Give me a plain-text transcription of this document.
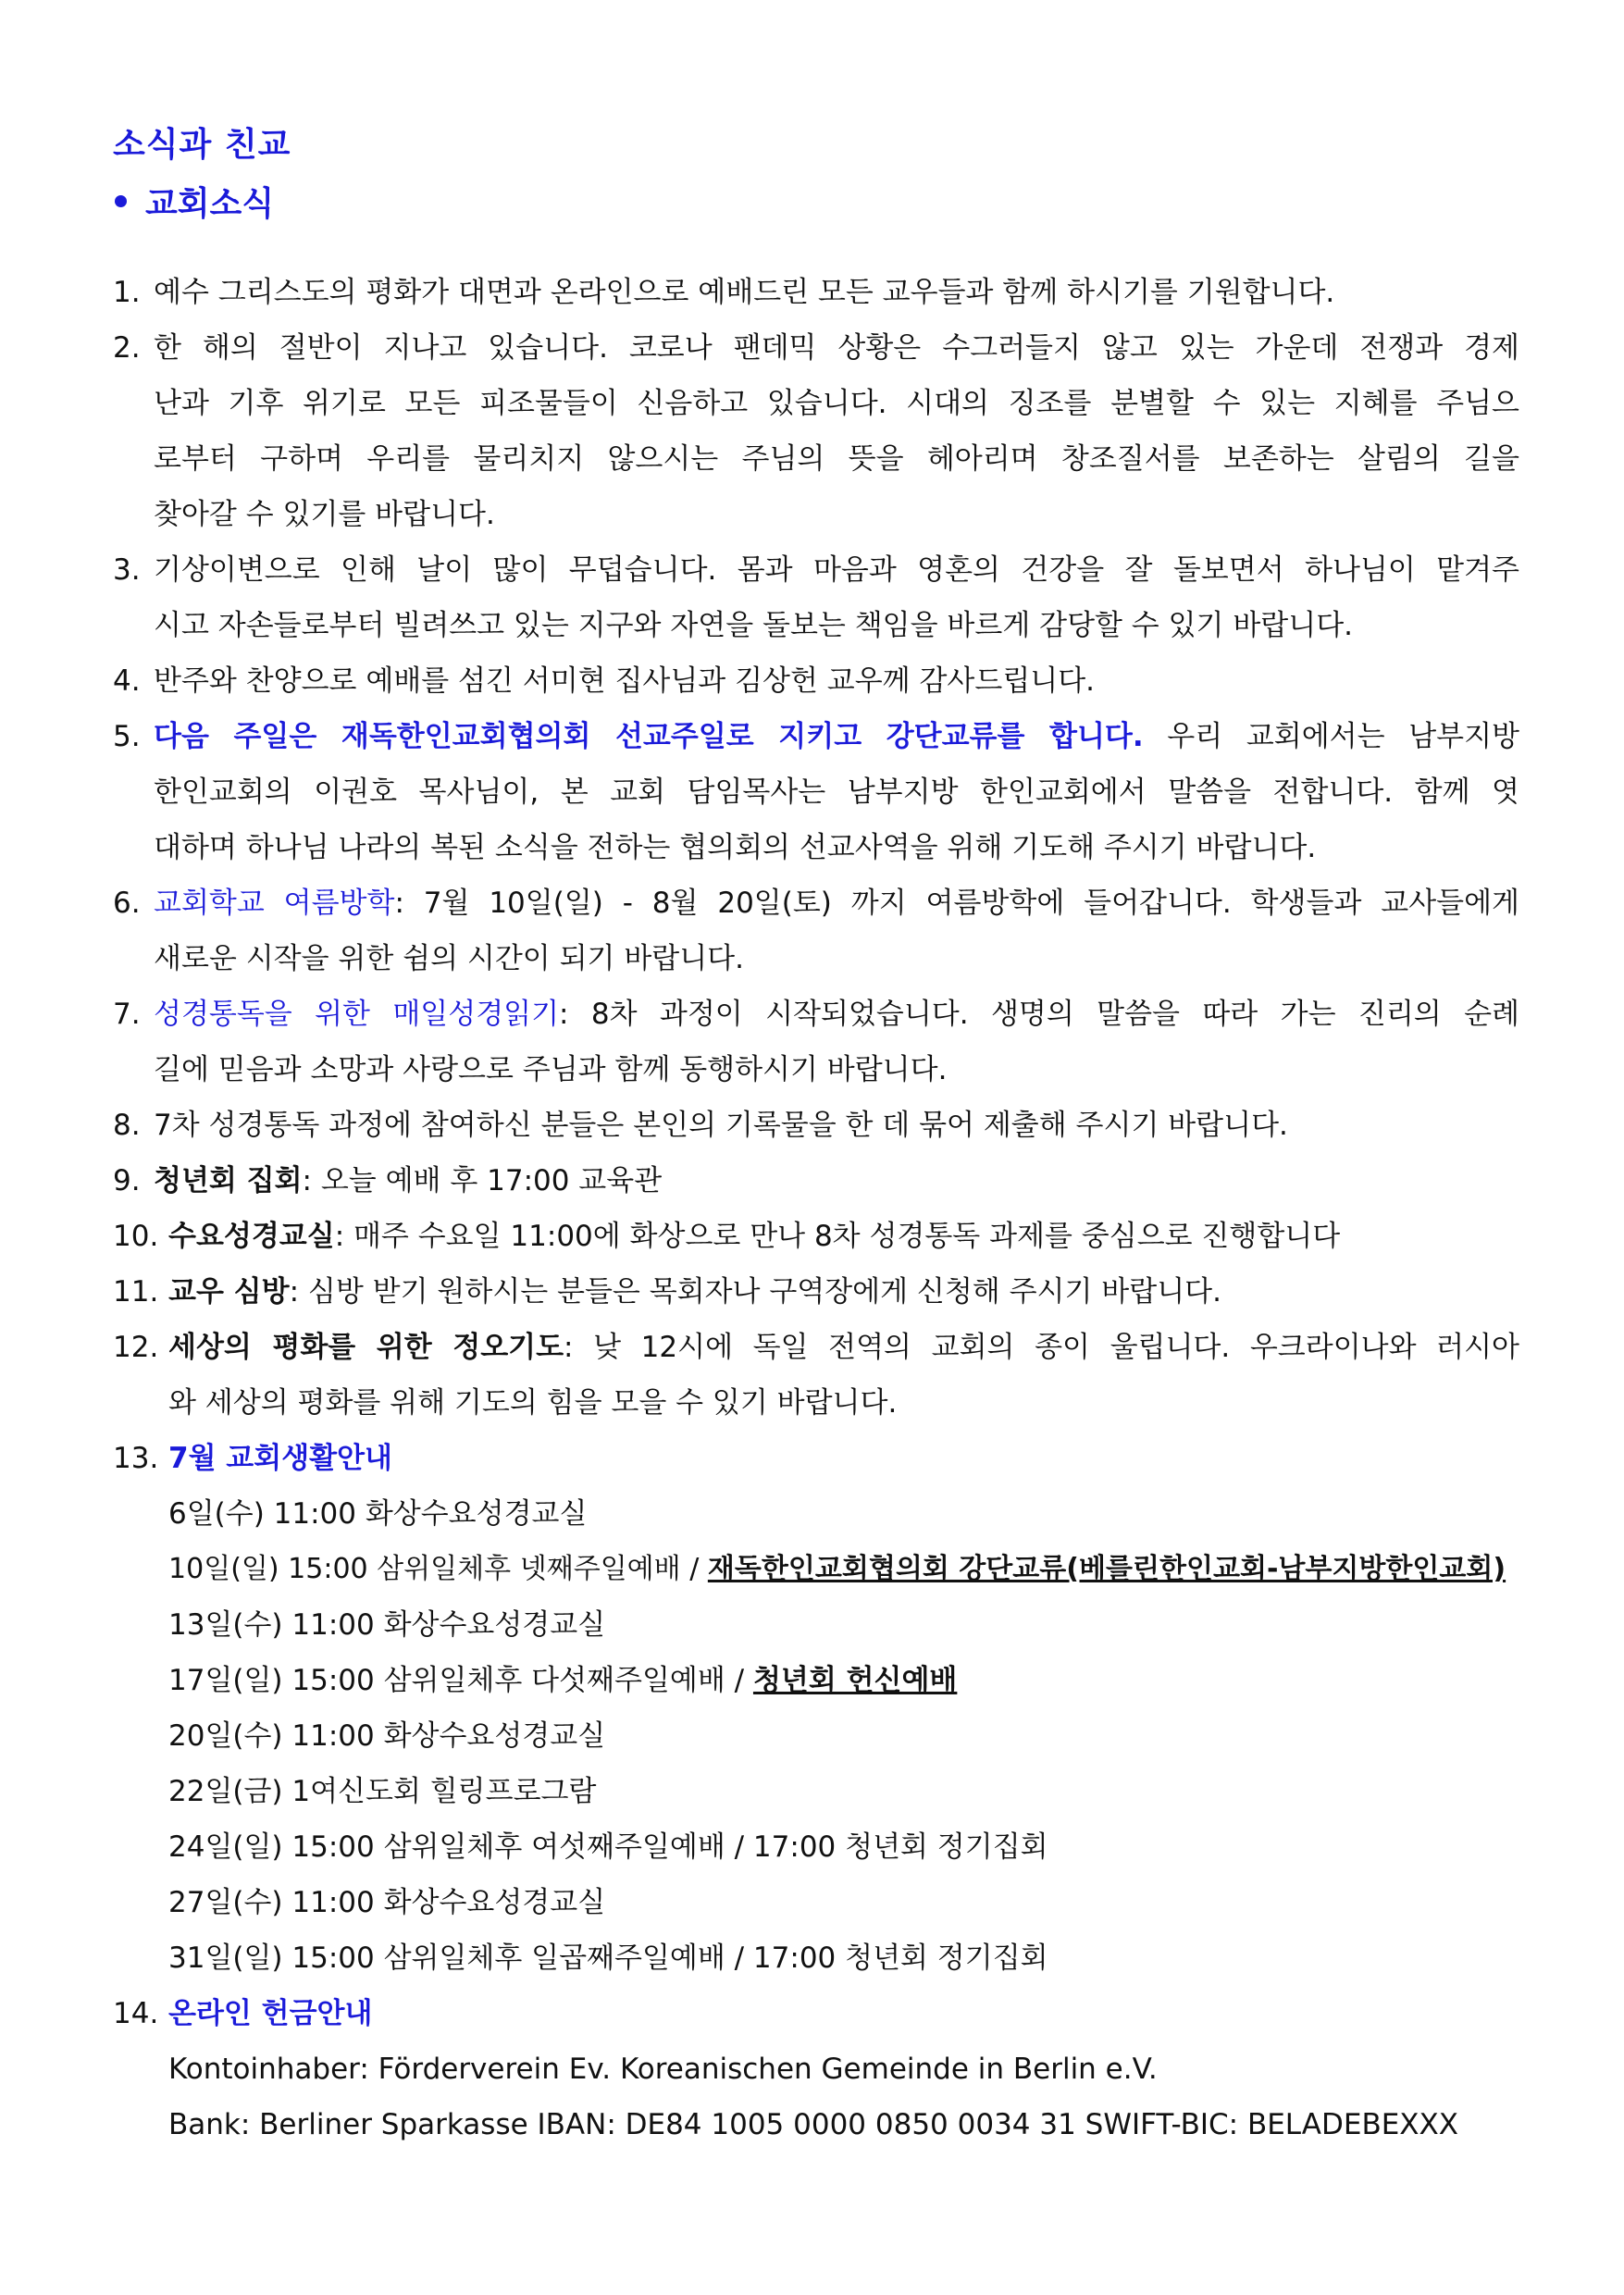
소식과 친교
교회소식
1. 예수 그리스도의 평화가 대면과 온라인으로 예배드린 모든 교우들과 함께 하시기를 기원합니다.
2. 한 해의 절반이 지나고 있습니다. 코로나 팬데믹 상황은 수그러들지 않고 있는 가운데 전쟁과 경제
난과 기후 위기로 모든 피조물들이 신음하고 있습니다. 시대의 징조를 분별할 수 있는 지혜를 주님으
로부터 구하며 우리를 물리치지 않으시는 주님의 뜻을 헤아리며 창조질서를 보존하는 살림의 길을
찾아갈 수 있기를 바랍니다.
3. 기상이변으로 인해 날이 많이 무덥습니다. 몸과 마음과 영혼의 건강을 잘 돌보면서 하나님이 맡겨주
시고 자손들로부터 빌려쓰고 있는 지구와 자연을 돌보는 책임을 바르게 감당할 수 있기 바랍니다.
4. 반주와 찬양으로 예배를 섬긴 서미현 집사님과 김상헌 교우께 감사드립니다.
5. 다음 주일은 재독한인교회협의회 선교주일로 지키고 강단교류를 합니다. 우리 교회에서는 남부지방
한인교회의 이권호 목사님이, 본 교회 담임목사는 남부지방 한인교회에서 말씀을 전합니다. 함께 엿
대하며 하나님 나라의 복된 소식을 전하는 협의회의 선교사역을 위해 기도해 주시기 바랍니다.
6. 교회학교 여름방학: 7월 10일(일) - 8월 20일(토) 까지 여름방학에 들어갑니다. 학생들과 교사들에게
새로운 시작을 위한 쉼의 시간이 되기 바랍니다.
7. 성경통독을 위한 매일성경읽기: 8차 과정이 시작되었습니다. 생명의 말씀을 따라 가는 진리의 순례
길에 믿음과 소망과 사랑으로 주님과 함께 동행하시기 바랍니다.
8. 7차 성경통독 과정에 참여하신 분들은 본인의 기록물을 한 데 묶어 제출해 주시기 바랍니다.
9. 청년회 집회: 오늘 예배 후 17:00 교육관
10. 수요성경교실: 매주 수요일 11:00에 화상으로 만나 8차 성경통독 과제를 중심으로 진행합니다
11. 교우 심방: 심방 받기 원하시는 분들은 목회자나 구역장에게 신청해 주시기 바랍니다.
12. 세상의 평화를 위한 정오기도: 낮 12시에 독일 전역의 교회의 종이 울립니다. 우크라이나와 러시아
와 세상의 평화를 위해 기도의 힘을 모을 수 있기 바랍니다.
13. 7월 교회생활안내
6일(수) 11:00 화상수요성경교실
10일(일) 15:00 삼위일체후 넷째주일예배 / 재독한인교회협의회 강단교류(베를린한인교회-남부지방한인교회)
13일(수) 11:00 화상수요성경교실
17일(일) 15:00 삼위일체후 다섯째주일예배 / 청년회 헌신예배
20일(수) 11:00 화상수요성경교실
22일(금) 1여신도회 힐링프로그람
24일(일) 15:00 삼위일체후 여섯째주일예배 / 17:00 청년회 정기집회
27일(수) 11:00 화상수요성경교실
31일(일) 15:00 삼위일체후 일곱째주일예배 / 17:00 청년회 정기집회
14. 온라인 헌금안내
Kontoinhaber: Förderverein Ev. Koreanischen Gemeinde in Berlin e.V.
Bank: Berliner Sparkasse IBAN: DE84 1005 0000 0850 0034 31 SWIFT-BIC: BELADEBEXXX
